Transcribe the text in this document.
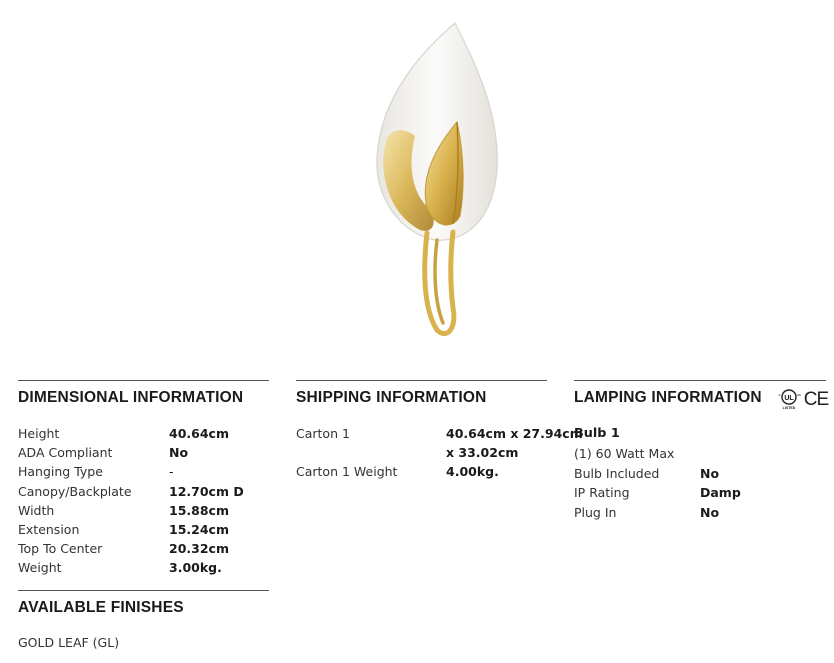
DIMENSIONAL INFORMATION
Height	40.64cm
ADA Compliant	No
Hanging Type	-
Canopy/Backplate	12.70cm D
Width	15.88cm
Extension	15.24cm
Top To Center	20.32cm
Weight	3.00kg.
SHIPPING INFORMATION
Carton 1	40.64cm x 27.94cm
x 33.02cm
Carton 1 Weight	4.00kg.
LAMPING INFORMATION
Bulb 1
(1) 60 Watt Max
Bulb Included	No
IP Rating	Damp
Plug In	No
UL
c	us
LISTED CE
AVAILABLE FINISHES
GOLD LEAF (GL)
